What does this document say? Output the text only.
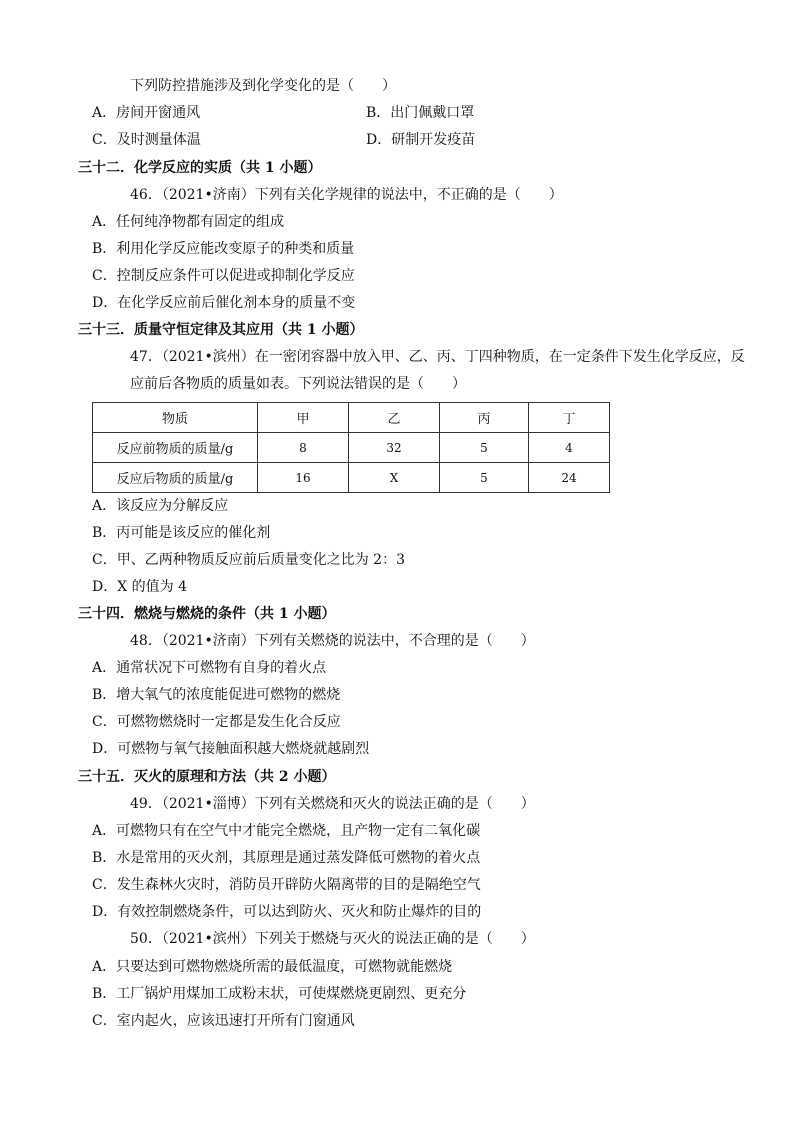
下列防控措施涉及到化学变化的是（　　）
A．房间开窗通风	B．出门佩戴口罩
C．及时测量体温	D．研制开发疫苗
三十二．化学反应的实质（共 1 小题）
46．（2021•济南）下列有关化学规律的说法中，不正确的是（　　）
A．任何纯净物都有固定的组成
B．利用化学反应能改变原子的种类和质量
C．控制反应条件可以促进或抑制化学反应
D．在化学反应前后催化剂本身的质量不变
三十三．质量守恒定律及其应用（共 1 小题）
47．（2021•滨州）在一密闭容器中放入甲、乙、丙、丁四种物质，在一定条件下发生化学反应，反
应前后各物质的质量如表。下列说法错误的是（　　）
物质	甲	乙	丙	丁
反应前物质的质量/g	8	32	5	4
反应后物质的质量/g	16	X	5	24
A．该反应为分解反应
B．丙可能是该反应的催化剂
C．甲、乙两种物质反应前后质量变化之比为 2：3
D．X 的值为 4
三十四．燃烧与燃烧的条件（共 1 小题）
48．（2021•济南）下列有关燃烧的说法中，不合理的是（　　）
A．通常状况下可燃物有自身的着火点
B．增大氧气的浓度能促进可燃物的燃烧
C．可燃物燃烧时一定都是发生化合反应
D．可燃物与氧气接触面积越大燃烧就越剧烈
三十五．灭火的原理和方法（共 2 小题）
49．（2021•淄博）下列有关燃烧和灭火的说法正确的是（　　）
A．可燃物只有在空气中才能完全燃烧，且产物一定有二氧化碳
B．水是常用的灭火剂，其原理是通过蒸发降低可燃物的着火点
C．发生森林火灾时，消防员开辟防火隔离带的目的是隔绝空气
D．有效控制燃烧条件，可以达到防火、灭火和防止爆炸的目的
50．（2021•滨州）下列关于燃烧与灭火的说法正确的是（　　）
A．只要达到可燃物燃烧所需的最低温度，可燃物就能燃烧
B．工厂锅炉用煤加工成粉末状，可使煤燃烧更剧烈、更充分
C．室内起火，应该迅速打开所有门窗通风
